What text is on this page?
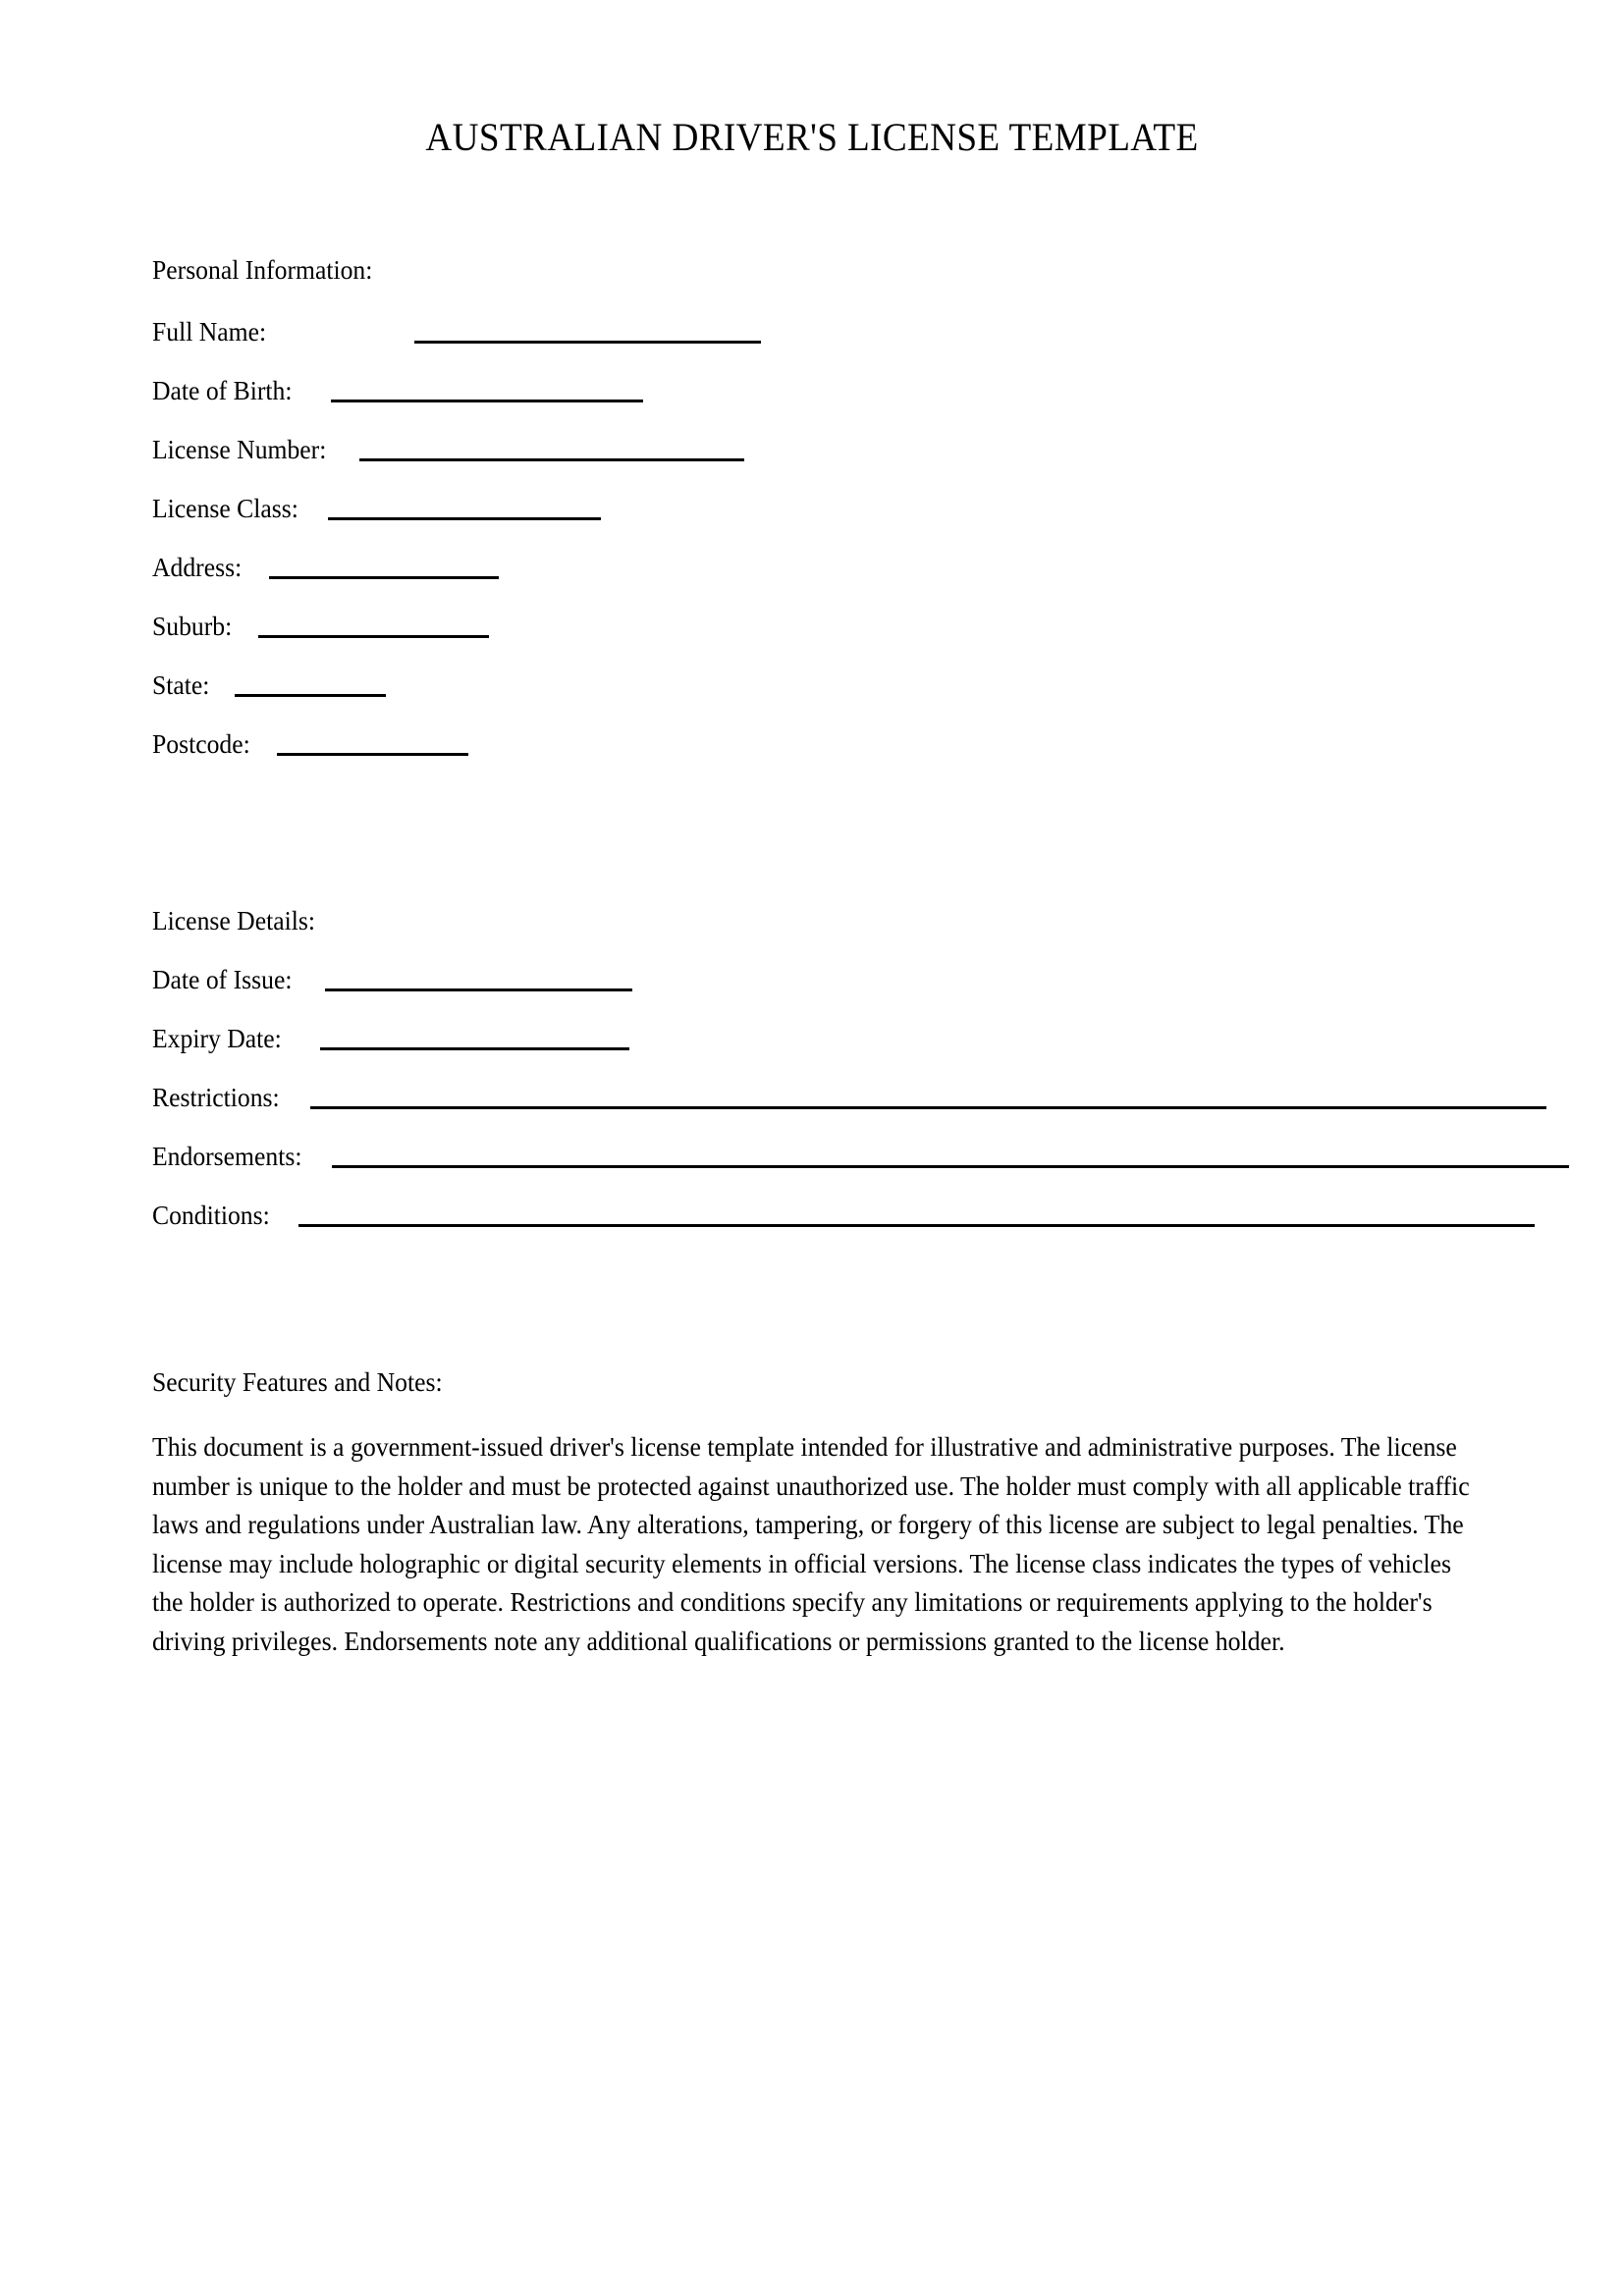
AUSTRALIAN DRIVER'S LICENSE TEMPLATE
Personal Information:
Full Name:
Date of Birth:
License Number:
License Class:
Address:
Suburb:
State:
Postcode:
License Details:
Date of Issue:
Expiry Date:
Restrictions:
Endorsements:
Conditions:
Security Features and Notes:
This document is a government-issued driver's license template intended for illustrative and administrative purposes. The license number is unique to the holder and must be protected against unauthorized use. The holder must comply with all applicable traffic laws and regulations under Australian law. Any alterations, tampering, or forgery of this license are subject to legal penalties. The license may include holographic or digital security elements in official versions. The license class indicates the types of vehicles the holder is authorized to operate. Restrictions and conditions specify any limitations or requirements applying to the holder's driving privileges. Endorsements note any additional qualifications or permissions granted to the license holder.
